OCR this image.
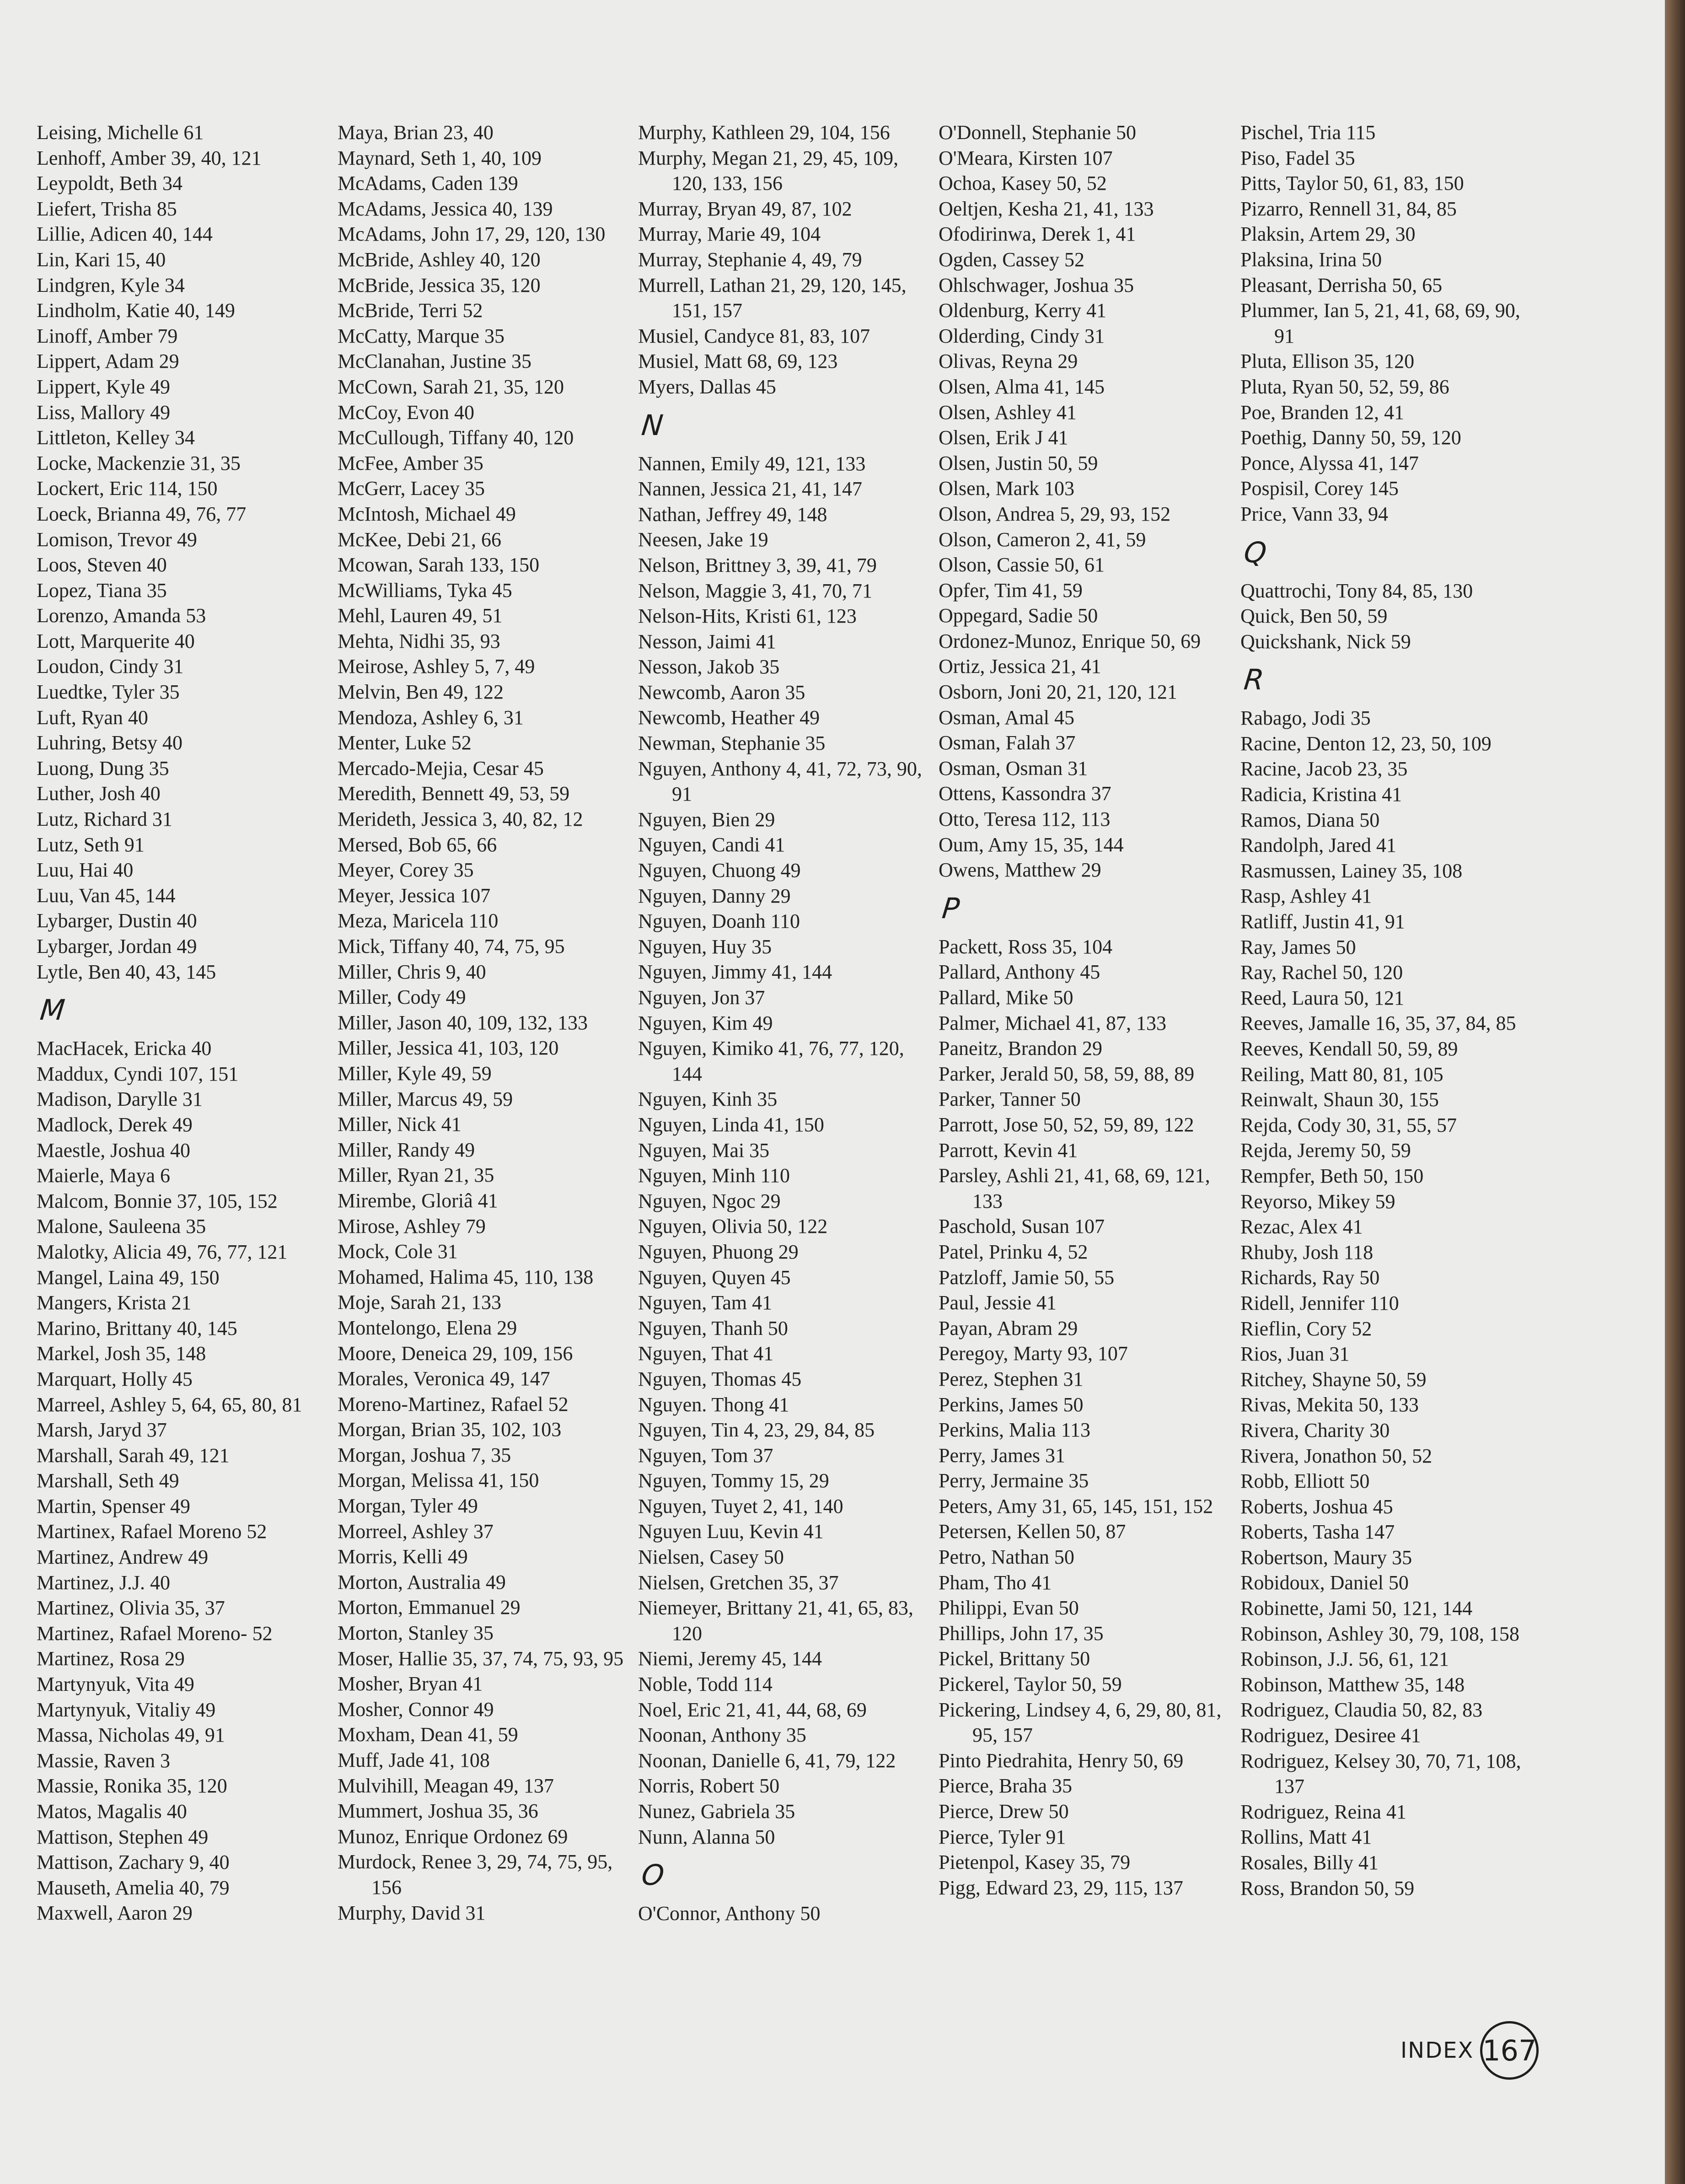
Leising, Michelle 61
Lenhoff, Amber 39, 40, 121
Leypoldt, Beth 34
Liefert, Trisha 85
Lillie, Adicen 40, 144
Lin, Kari 15, 40
Lindgren, Kyle 34
Lindholm, Katie 40, 149
Linoff, Amber 79
Lippert, Adam 29
Lippert, Kyle 49
Liss, Mallory 49
Littleton, Kelley 34
Locke, Mackenzie 31, 35
Lockert, Eric 114, 150
Loeck, Brianna 49, 76, 77
Lomison, Trevor 49
Loos, Steven 40
Lopez, Tiana 35
Lorenzo, Amanda 53
Lott, Marquerite 40
Loudon, Cindy 31
Luedtke, Tyler 35
Luft, Ryan 40
Luhring, Betsy 40
Luong, Dung 35
Luther, Josh 40
Lutz, Richard 31
Lutz, Seth 91
Luu, Hai 40
Luu, Van 45, 144
Lybarger, Dustin 40
Lybarger, Jordan 49
Lytle, Ben 40, 43, 145
M
MacHacek, Ericka 40
Maddux, Cyndi 107, 151
Madison, Darylle 31
Madlock, Derek 49
Maestle, Joshua 40
Maierle, Maya 6
Malcom, Bonnie 37, 105, 152
Malone, Sauleena 35
Malotky, Alicia 49, 76, 77, 121
Mangel, Laina 49, 150
Mangers, Krista 21
Marino, Brittany 40, 145
Markel, Josh 35, 148
Marquart, Holly 45
Marreel, Ashley 5, 64, 65, 80, 81
Marsh, Jaryd 37
Marshall, Sarah 49, 121
Marshall, Seth 49
Martin, Spenser 49
Martinex, Rafael Moreno 52
Martinez, Andrew 49
Martinez, J.J. 40
Martinez, Olivia 35, 37
Martinez, Rafael Moreno- 52
Martinez, Rosa 29
Martynyuk, Vita 49
Martynyuk, Vitaliy 49
Massa, Nicholas 49, 91
Massie, Raven 3
Massie, Ronika 35, 120
Matos, Magalis 40
Mattison, Stephen 49
Mattison, Zachary 9, 40
Mauseth, Amelia 40, 79
Maxwell, Aaron 29
Maya, Brian 23, 40
Maynard, Seth 1, 40, 109
McAdams, Caden 139
McAdams, Jessica 40, 139
McAdams, John 17, 29, 120, 130
McBride, Ashley 40, 120
McBride, Jessica 35, 120
McBride, Terri 52
McCatty, Marque 35
McClanahan, Justine 35
McCown, Sarah 21, 35, 120
McCoy, Evon 40
McCullough, Tiffany 40, 120
McFee, Amber 35
McGerr, Lacey 35
McIntosh, Michael 49
McKee, Debi 21, 66
Mcowan, Sarah 133, 150
McWilliams, Tyka 45
Mehl, Lauren 49, 51
Mehta, Nidhi 35, 93
Meirose, Ashley 5, 7, 49
Melvin, Ben 49, 122
Mendoza, Ashley 6, 31
Menter, Luke 52
Mercado-Mejia, Cesar 45
Meredith, Bennett 49, 53, 59
Merideth, Jessica 3, 40, 82, 12
Mersed, Bob 65, 66
Meyer, Corey 35
Meyer, Jessica 107
Meza, Maricela 110
Mick, Tiffany 40, 74, 75, 95
Miller, Chris 9, 40
Miller, Cody 49
Miller, Jason 40, 109, 132, 133
Miller, Jessica 41, 103, 120
Miller, Kyle 49, 59
Miller, Marcus 49, 59
Miller, Nick 41
Miller, Randy 49
Miller, Ryan 21, 35
Mirembe, Gloriâ 41
Mirose, Ashley 79
Mock, Cole 31
Mohamed, Halima 45, 110, 138
Moje, Sarah 21, 133
Montelongo, Elena 29
Moore, Deneica 29, 109, 156
Morales, Veronica 49, 147
Moreno-Martinez, Rafael 52
Morgan, Brian 35, 102, 103
Morgan, Joshua 7, 35
Morgan, Melissa 41, 150
Morgan, Tyler 49
Morreel, Ashley 37
Morris, Kelli 49
Morton, Australia 49
Morton, Emmanuel 29
Morton, Stanley 35
Moser, Hallie 35, 37, 74, 75, 93, 95
Mosher, Bryan 41
Mosher, Connor 49
Moxham, Dean 41, 59
Muff, Jade 41, 108
Mulvihill, Meagan 49, 137
Mummert, Joshua 35, 36
Munoz, Enrique Ordonez 69
Murdock, Renee 3, 29, 74, 75, 95, 156
Murphy, David 31
Murphy, Kathleen 29, 104, 156
Murphy, Megan 21, 29, 45, 109, 120, 133, 156
Murray, Bryan 49, 87, 102
Murray, Marie 49, 104
Murray, Stephanie 4, 49, 79
Murrell, Lathan 21, 29, 120, 145, 151, 157
Musiel, Candyce 81, 83, 107
Musiel, Matt 68, 69, 123
Myers, Dallas 45
N
Nannen, Emily 49, 121, 133
Nannen, Jessica 21, 41, 147
Nathan, Jeffrey 49, 148
Neesen, Jake 19
Nelson, Brittney 3, 39, 41, 79
Nelson, Maggie 3, 41, 70, 71
Nelson-Hits, Kristi 61, 123
Nesson, Jaimi 41
Nesson, Jakob 35
Newcomb, Aaron 35
Newcomb, Heather 49
Newman, Stephanie 35
Nguyen, Anthony 4, 41, 72, 73, 90, 91
Nguyen, Bien 29
Nguyen, Candi 41
Nguyen, Chuong 49
Nguyen, Danny 29
Nguyen, Doanh 110
Nguyen, Huy 35
Nguyen, Jimmy 41, 144
Nguyen, Jon 37
Nguyen, Kim 49
Nguyen, Kimiko 41, 76, 77, 120, 144
Nguyen, Kinh 35
Nguyen, Linda 41, 150
Nguyen, Mai 35
Nguyen, Minh 110
Nguyen, Ngoc 29
Nguyen, Olivia 50, 122
Nguyen, Phuong 29
Nguyen, Quyen 45
Nguyen, Tam 41
Nguyen, Thanh 50
Nguyen, That 41
Nguyen, Thomas 45
Nguyen. Thong 41
Nguyen, Tin 4, 23, 29, 84, 85
Nguyen, Tom 37
Nguyen, Tommy 15, 29
Nguyen, Tuyet 2, 41, 140
Nguyen Luu, Kevin 41
Nielsen, Casey 50
Nielsen, Gretchen 35, 37
Niemeyer, Brittany 21, 41, 65, 83, 120
Niemi, Jeremy 45, 144
Noble, Todd 114
Noel, Eric 21, 41, 44, 68, 69
Noonan, Anthony 35
Noonan, Danielle 6, 41, 79, 122
Norris, Robert 50
Nunez, Gabriela 35
Nunn, Alanna 50
O
O'Connor, Anthony 50
O'Donnell, Stephanie 50
O'Meara, Kirsten 107
Ochoa, Kasey 50, 52
Oeltjen, Kesha 21, 41, 133
Ofodirinwa, Derek 1, 41
Ogden, Cassey 52
Ohlschwager, Joshua 35
Oldenburg, Kerry 41
Olderding, Cindy 31
Olivas, Reyna 29
Olsen, Alma 41, 145
Olsen, Ashley 41
Olsen, Erik J 41
Olsen, Justin 50, 59
Olsen, Mark 103
Olson, Andrea 5, 29, 93, 152
Olson, Cameron 2, 41, 59
Olson, Cassie 50, 61
Opfer, Tim 41, 59
Oppegard, Sadie 50
Ordonez-Munoz, Enrique 50, 69
Ortiz, Jessica 21, 41
Osborn, Joni 20, 21, 120, 121
Osman, Amal 45
Osman, Falah 37
Osman, Osman 31
Ottens, Kassondra 37
Otto, Teresa 112, 113
Oum, Amy 15, 35, 144
Owens, Matthew 29
P
Packett, Ross 35, 104
Pallard, Anthony 45
Pallard, Mike 50
Palmer, Michael 41, 87, 133
Paneitz, Brandon 29
Parker, Jerald 50, 58, 59, 88, 89
Parker, Tanner 50
Parrott, Jose 50, 52, 59, 89, 122
Parrott, Kevin 41
Parsley, Ashli 21, 41, 68, 69, 121, 133
Paschold, Susan 107
Patel, Prinku 4, 52
Patzloff, Jamie 50, 55
Paul, Jessie 41
Payan, Abram 29
Peregoy, Marty 93, 107
Perez, Stephen 31
Perkins, James 50
Perkins, Malia 113
Perry, James 31
Perry, Jermaine 35
Peters, Amy 31, 65, 145, 151, 152
Petersen, Kellen 50, 87
Petro, Nathan 50
Pham, Tho 41
Philippi, Evan 50
Phillips, John 17, 35
Pickel, Brittany 50
Pickerel, Taylor 50, 59
Pickering, Lindsey 4, 6, 29, 80, 81, 95, 157
Pinto Piedrahita, Henry 50, 69
Pierce, Braha 35
Pierce, Drew 50
Pierce, Tyler 91
Pietenpol, Kasey 35, 79
Pigg, Edward 23, 29, 115, 137
Pischel, Tria 115
Piso, Fadel 35
Pitts, Taylor 50, 61, 83, 150
Pizarro, Rennell 31, 84, 85
Plaksin, Artem 29, 30
Plaksina, Irina 50
Pleasant, Derrisha 50, 65
Plummer, Ian 5, 21, 41, 68, 69, 90, 91
Pluta, Ellison 35, 120
Pluta, Ryan 50, 52, 59, 86
Poe, Branden 12, 41
Poethig, Danny 50, 59, 120
Ponce, Alyssa 41, 147
Pospisil, Corey 145
Price, Vann 33, 94
Q
Quattrochi, Tony 84, 85, 130
Quick, Ben 50, 59
Quickshank, Nick 59
R
Rabago, Jodi 35
Racine, Denton 12, 23, 50, 109
Racine, Jacob 23, 35
Radicia, Kristina 41
Ramos, Diana 50
Randolph, Jared 41
Rasmussen, Lainey 35, 108
Rasp, Ashley 41
Ratliff, Justin 41, 91
Ray, James 50
Ray, Rachel 50, 120
Reed, Laura 50, 121
Reeves, Jamalle 16, 35, 37, 84, 85
Reeves, Kendall 50, 59, 89
Reiling, Matt 80, 81, 105
Reinwalt, Shaun 30, 155
Rejda, Cody 30, 31, 55, 57
Rejda, Jeremy 50, 59
Rempfer, Beth 50, 150
Reyorso, Mikey 59
Rezac, Alex 41
Rhuby, Josh 118
Richards, Ray 50
Ridell, Jennifer 110
Rieflin, Cory 52
Rios, Juan 31
Ritchey, Shayne 50, 59
Rivas, Mekita 50, 133
Rivera, Charity 30
Rivera, Jonathon 50, 52
Robb, Elliott 50
Roberts, Joshua 45
Roberts, Tasha 147
Robertson, Maury 35
Robidoux, Daniel 50
Robinette, Jami 50, 121, 144
Robinson, Ashley 30, 79, 108, 158
Robinson, J.J. 56, 61, 121
Robinson, Matthew 35, 148
Rodriguez, Claudia 50, 82, 83
Rodriguez, Desiree 41
Rodriguez, Kelsey 30, 70, 71, 108, 137
Rodriguez, Reina 41
Rollins, Matt 41
Rosales, Billy 41
Ross, Brandon 50, 59
INDEX 167
